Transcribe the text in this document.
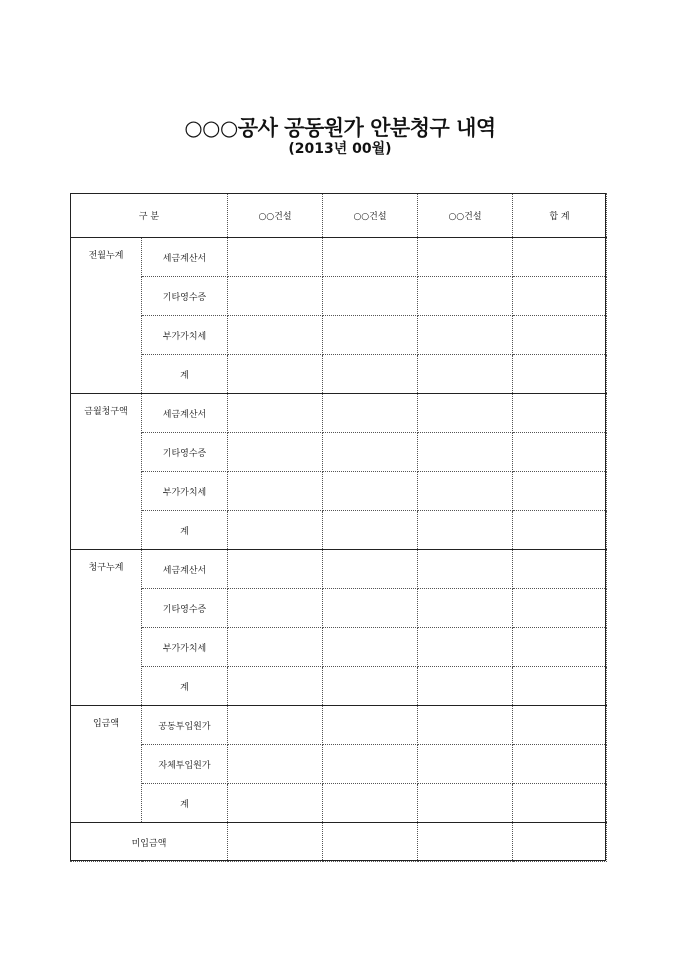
○○○공사 공동원가 안분청구 내역
(2013년 00월)
구 분		○○건설	○○건설	○○건설	합 계
전월누계	세금계산서				
	기타영수증				
	부가가치세				
	계				
금월청구액	세금계산서				
	기타영수증				
	부가가치세				
	계				
청구누계	세금계산서				
	기타영수증				
	부가가치세				
	계				
입금액	공동투입원가				
	자체투입원가				
	계				
미입금액					
